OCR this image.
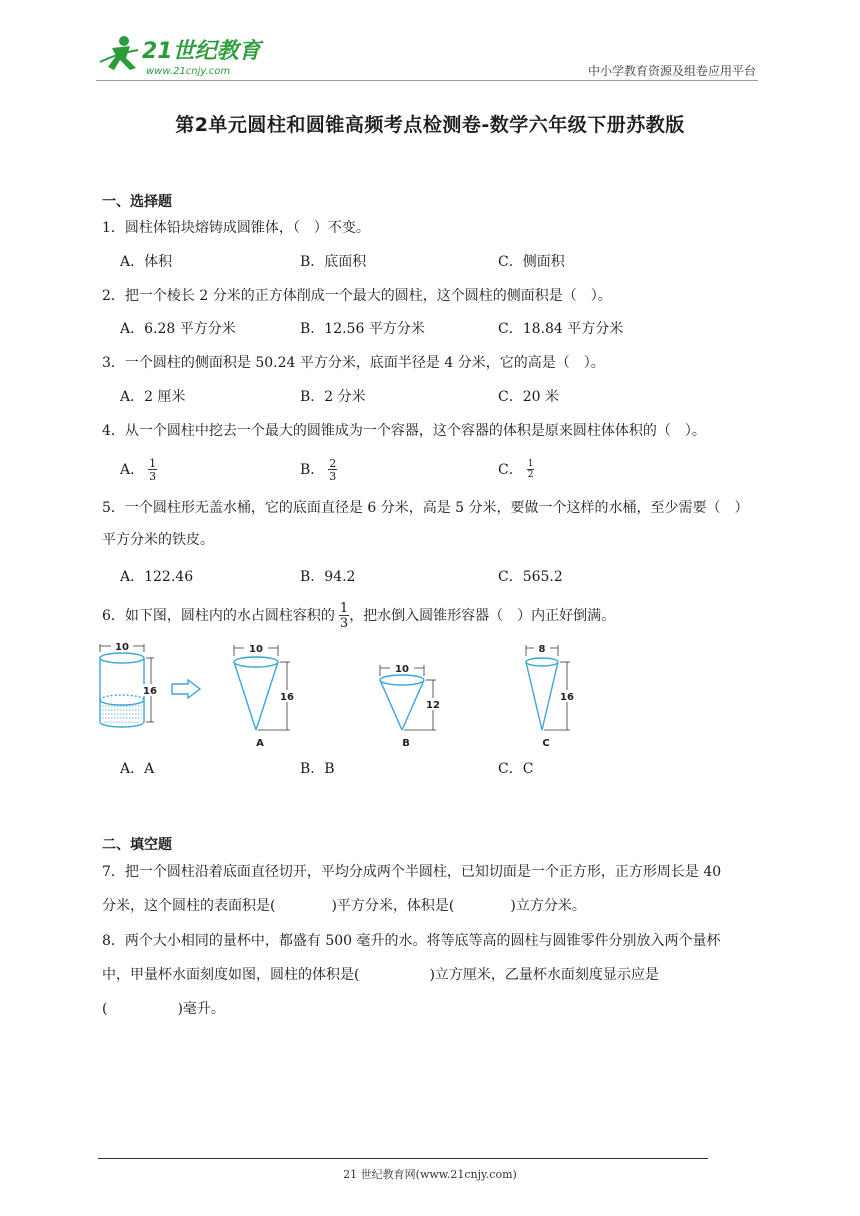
21世纪教育
www.21cnjy.com	中小学教育资源及组卷应用平台
第2单元圆柱和圆锥高频考点检测卷-数学六年级下册苏教版
一、选择题
1．圆柱体铅块熔铸成圆锥体，（　）不变。
A．体积	B．底面积	C．侧面积
2．把一个棱长 2 分米的正方体削成一个最大的圆柱，这个圆柱的侧面积是（　）。
A．6.28 平方分米	B．12.56 平方分米	C．18.84 平方分米
3．一个圆柱的侧面积是 50.24 平方分米，底面半径是 4 分米，它的高是（　）。
A．2 厘米	B．2 分米	C．20 米
4．从一个圆柱中挖去一个最大的圆锥成为一个容器，这个容器的体积是原来圆柱体体积的（　）。
A． $\frac{1}{3}$	B． $\frac{2}{3}$	C． $\frac{1}{2}$
5．一个圆柱形无盖水桶，它的底面直径是 6 分米，高是 5 分米，要做一个这样的水桶，至少需要（　）
平方分米的铁皮。
A．122.46	B．94.2	C．565.2
6．如下图，圆柱内的水占圆柱容积的 $\frac{1}{3}$ ，把水倒入圆锥形容器（　）内正好倒满。
10
16
10
16
A
10
12
B
8
16
C
A．A	B．B	C．C
二、填空题
7．把一个圆柱沿着底面直径切开，平均分成两个半圆柱，已知切面是一个正方形，正方形周长是 40
分米，这个圆柱的表面积是(　　　　)平方分米，体积是(　　　　)立方分米。
8．两个大小相同的量杯中，都盛有 500 毫升的水。将等底等高的圆柱与圆锥零件分别放入两个量杯
中，甲量杯水面刻度如图，圆柱的体积是(　　　　　)立方厘米，乙量杯水面刻度显示应是
(　　　　　)毫升。
21 世纪教育网(www.21cnjy.com)
